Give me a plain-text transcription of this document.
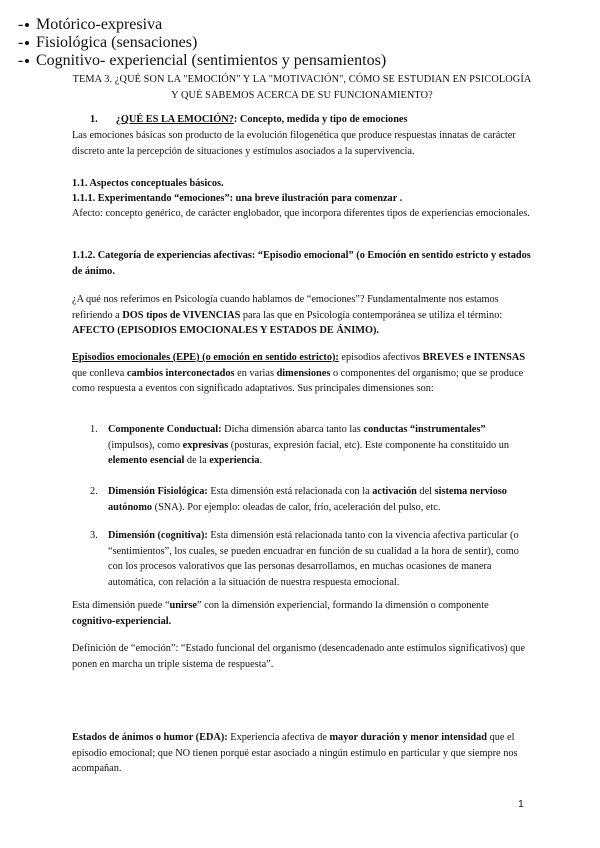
TEMA 3. ¿QUÉ SON LA "EMOCIÓN" Y LA "MOTIVACIÓN", CÓMO SE ESTUDIAN EN PSICOLOGÍA Y QUÉ SABEMOS ACERCA DE SU FUNCIONAMIENTO?

1. ¿QUÉ ES LA EMOCIÓN?: Concepto, medida y tipo de emociones

Las emociones básicas son producto de la evolución filogenética que produce respuestas innatas de carácter discreto ante la percepción de situaciones y estímulos asociados a la supervivencia.

1.1. Aspectos conceptuales básicos.

1.1.1. Experimentando “emociones”: una breve ilustración para comenzar .

Afecto: concepto genérico, de carácter englobador, que incorpora diferentes tipos de experiencias emocionales.

1.1.2. Categoría de experiencias afectivas: “Episodio emocional” (o Emoción en sentido estricto y estados de ánimo.

¿A qué nos referimos en Psicología cuando hablamos de “emociones”? Fundamentalmente nos estamos refiriendo a DOS tipos de VIVENCIAS para las que en Psicología contemporánea se utiliza el término: AFECTO (EPISODIOS EMOCIONALES Y ESTADOS DE ÁNIMO).

Episodios emocionales (EPE) (o emoción en sentido estricto): episodios afectivos BREVES e INTENSAS que conlleva cambios interconectados en varias dimensiones o componentes del organismo; que se produce como respuesta a eventos con significado adaptativos. Sus principales dimensiones son:

1. Componente Conductual: Dicha dimensión abarca tanto las conductas “instrumentales” (impulsos), como expresivas (posturas, expresión facial, etc). Este componente ha constituido un elemento esencial de la experiencia.
2. Dimensión Fisiológica: Esta dimensión está relacionada con la activación del sistema nervioso autónomo (SNA). Por ejemplo: oleadas de calor, frío, aceleración del pulso, etc.
3. Dimensión (cognitiva): Esta dimensión está relacionada tanto con la vivencia afectiva particular (o “sentimientos”, los cuales, se pueden encuadrar en función de su cualidad a la hora de sentir), como con los procesos valorativos que las personas desarrollamos, en muchas ocasiones de manera automática, con relación a la situación de nuestra respuesta emocional.

Esta dimensión puede “unirse” con la dimensión experiencial, formando la dimensión o componente cognitivo-experiencial.

Definición de “emoción”: “Estado funcional del organismo (desencadenado ante estímulos significativos) que ponen en marcha un triple sistema de respuesta”.

• - Motórico-expresiva
• - Fisiológica (sensaciones)
• - Cognitivo- experiencial (sentimientos y pensamientos)

Estados de ánimos o humor (EDA): Experiencia afectiva de mayor duración y menor intensidad que el episodio emocional; que NO tienen porqué estar asociado a ningún estímulo en particular y que siempre nos acompañan.

1
